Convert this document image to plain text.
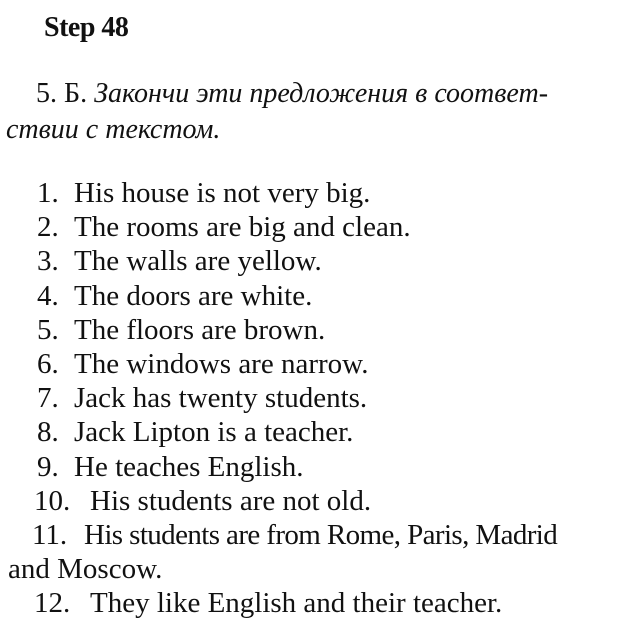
Step 48
5. Б. Закончи эти предложения в соответ-
ствии с текстом.
1. His house is not very big.
2. The rooms are big and clean.
3. The walls are yellow.
4. The doors are white.
5. The floors are brown.
6. The windows are narrow.
7. Jack has twenty students.
8. Jack Lipton is a teacher.
9. He teaches English.
10. His students are not old.
11. His students are from Rome, Paris, Madrid
and Moscow.
12. They like English and their teacher.
